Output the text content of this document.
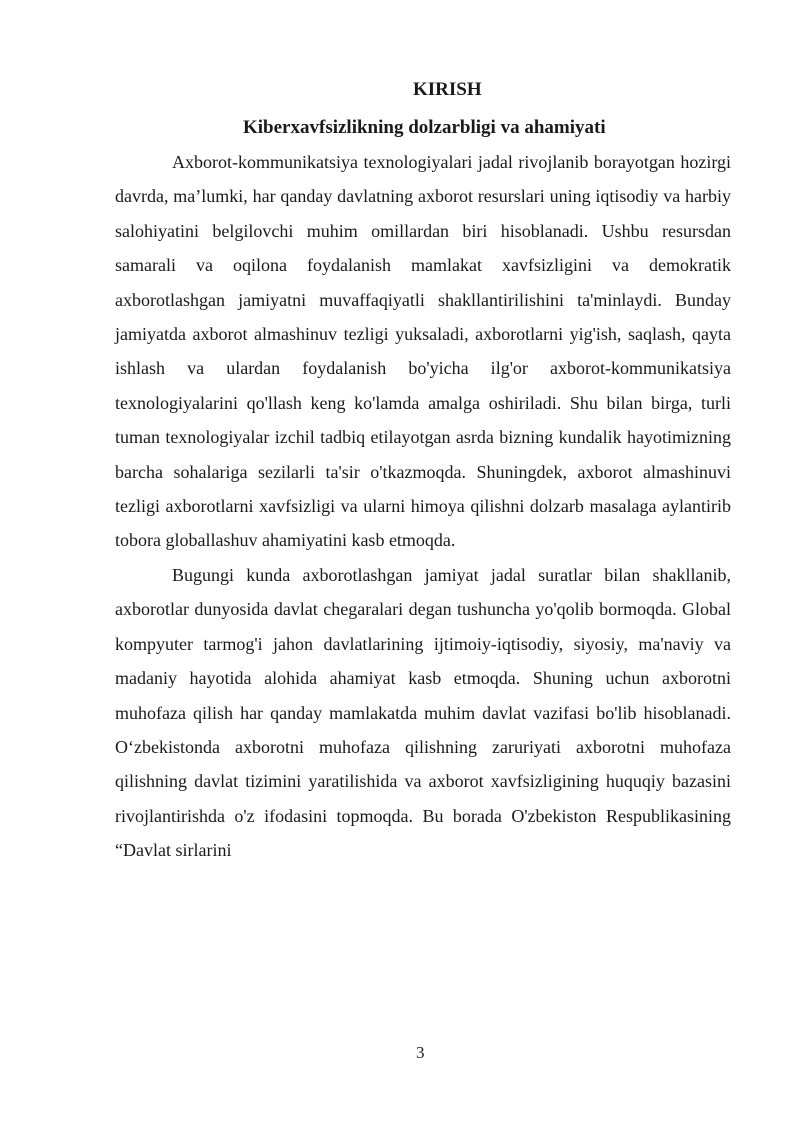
KIRISH
Kiberxavfsizlikning dolzarbligi va ahamiyati

Axborot-kommunikatsiya texnologiyalari jadal rivojlanib borayotgan hozirgi davrda, ma’lumki, har qanday davlatning axborot resurslari uning iqtisodiy va harbiy salohiyatini belgilovchi muhim omillardan biri hisoblanadi. Ushbu resursdan samarali va oqilona foydalanish mamlakat xavfsizligini va demokratik axborotlashgan jamiyatni muvaffaqiyatli shakllantirilishini ta'minlaydi. Bunday jamiyatda axborot almashinuv tezligi yuksaladi, axborotlarni yig'ish, saqlash, qayta ishlash va ulardan foydalanish bo'yicha ilg'or axborot-kommunikatsiya texnologiyalarini qo'llash keng ko'lamda amalga oshiriladi. Shu bilan birga, turli tuman texnologiyalar izchil tadbiq etilayotgan asrda bizning kundalik hayotimizning barcha sohalariga sezilarli ta'sir o'tkazmoqda. Shuningdek, axborot almashinuvi tezligi axborotlarni xavfsizligi va ularni himoya qilishni dolzarb masalaga aylantirib tobora globallashuv ahamiyatini kasb etmoqda.

Bugungi kunda axborotlashgan jamiyat jadal suratlar bilan shakllanib, axborotlar dunyosida davlat chegaralari degan tushuncha yo'qolib bormoqda. Global kompyuter tarmog'i jahon davlatlarining ijtimoiy-iqtisodiy, siyosiy, ma'naviy va madaniy hayotida alohida ahamiyat kasb etmoqda. Shuning uchun axborotni muhofaza qilish har qanday mamlakatda muhim davlat vazifasi bo'lib hisoblanadi. O‘zbekistonda axborotni muhofaza qilishning zaruriyati axborotni muhofaza qilishning davlat tizimini yaratilishida va axborot xavfsizligining huquqiy bazasini rivojlantirishda o'z ifodasini topmoqda. Bu borada O'zbekiston Respublikasining “Davlat sirlarini

3
